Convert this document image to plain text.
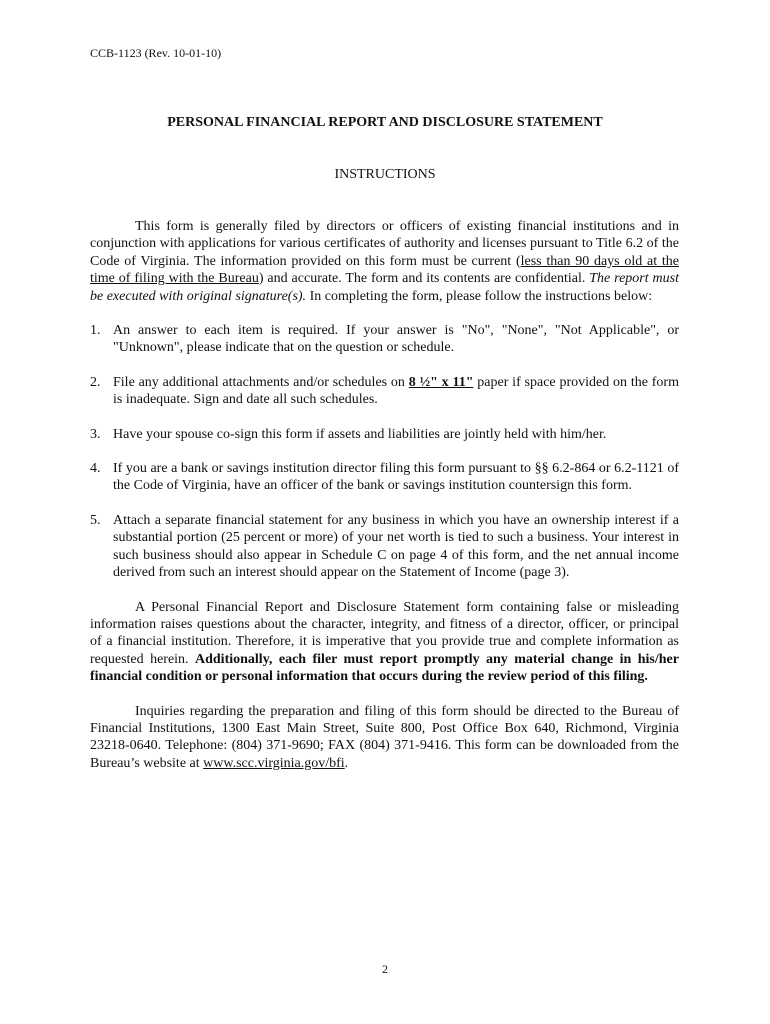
CCB-1123 (Rev. 10-01-10)
PERSONAL FINANCIAL REPORT AND DISCLOSURE STATEMENT
INSTRUCTIONS

This form is generally filed by directors or officers of existing financial institutions and in conjunction with applications for various certificates of authority and licenses pursuant to Title 6.2 of the Code of Virginia. The information provided on this form must be current (less than 90 days old at the time of filing with the Bureau) and accurate. The form and its contents are confidential. The report must be executed with original signature(s). In completing the form, please follow the instructions below:

1. An answer to each item is required. If your answer is "No", "None", "Not Applicable", or "Unknown", please indicate that on the question or schedule.
2. File any additional attachments and/or schedules on 8 ½" x 11" paper if space provided on the form is inadequate. Sign and date all such schedules.
3. Have your spouse co-sign this form if assets and liabilities are jointly held with him/her.
4. If you are a bank or savings institution director filing this form pursuant to §§ 6.2-864 or 6.2-1121 of the Code of Virginia, have an officer of the bank or savings institution countersign this form.
5. Attach a separate financial statement for any business in which you have an ownership interest if a substantial portion (25 percent or more) of your net worth is tied to such a business. Your interest in such business should also appear in Schedule C on page 4 of this form, and the net annual income derived from such an interest should appear on the Statement of Income (page 3).

A Personal Financial Report and Disclosure Statement form containing false or misleading information raises questions about the character, integrity, and fitness of a director, officer, or principal of a financial institution. Therefore, it is imperative that you provide true and complete information as requested herein. Additionally, each filer must report promptly any material change in his/her financial condition or personal information that occurs during the review period of this filing.

Inquiries regarding the preparation and filing of this form should be directed to the Bureau of Financial Institutions, 1300 East Main Street, Suite 800, Post Office Box 640, Richmond, Virginia 23218-0640. Telephone: (804) 371-9690; FAX (804) 371-9416. This form can be downloaded from the Bureau’s website at www.scc.virginia.gov/bfi.

2
